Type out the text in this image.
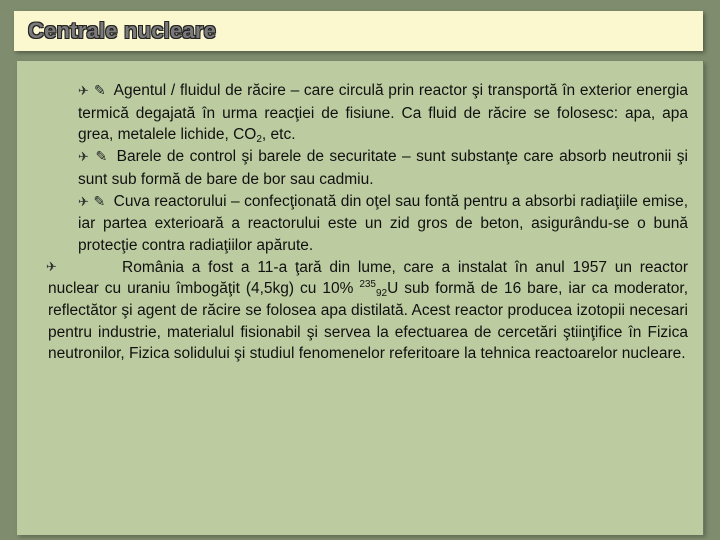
Centrale nucleare

✈ ✎ Agentul / fluidul de răcire – care circulă prin reactor şi transportă în exterior energia termică degajată în urma reacţiei de fisiune. Ca fluid de răcire se folosesc: apa, apa grea, metalele lichide, $CO_2$, etc.

✈ ✎ Barele de control şi barele de securitate – sunt substanţe care absorb neutronii şi sunt sub formă de bare de bor sau cadmiu.

✈ ✎ Cuva reactorului – confecţionată din oţel sau fontă pentru a absorbi radiaţiile emise, iar partea exterioară a reactorului este un zid gros de beton, asigurându-se o bună protecţie contra radiaţiilor apărute.

✈	România a fost a 11-a ţară din lume, care a instalat în anul 1957 un reactor nuclear cu uraniu îmbogăţit (4,5kg) cu 10% $^{235}_{92}$U sub formă de 16 bare, iar ca moderator, reflectător şi agent de răcire se folosea apa distilată. Acest reactor producea izotopii necesari pentru industrie, materialul fisionabil şi servea la efectuarea de cercetări ştiinţifice în Fizica neutronilor, Fizica solidului şi studiul fenomenelor referitoare la tehnica reactoarelor nucleare.
